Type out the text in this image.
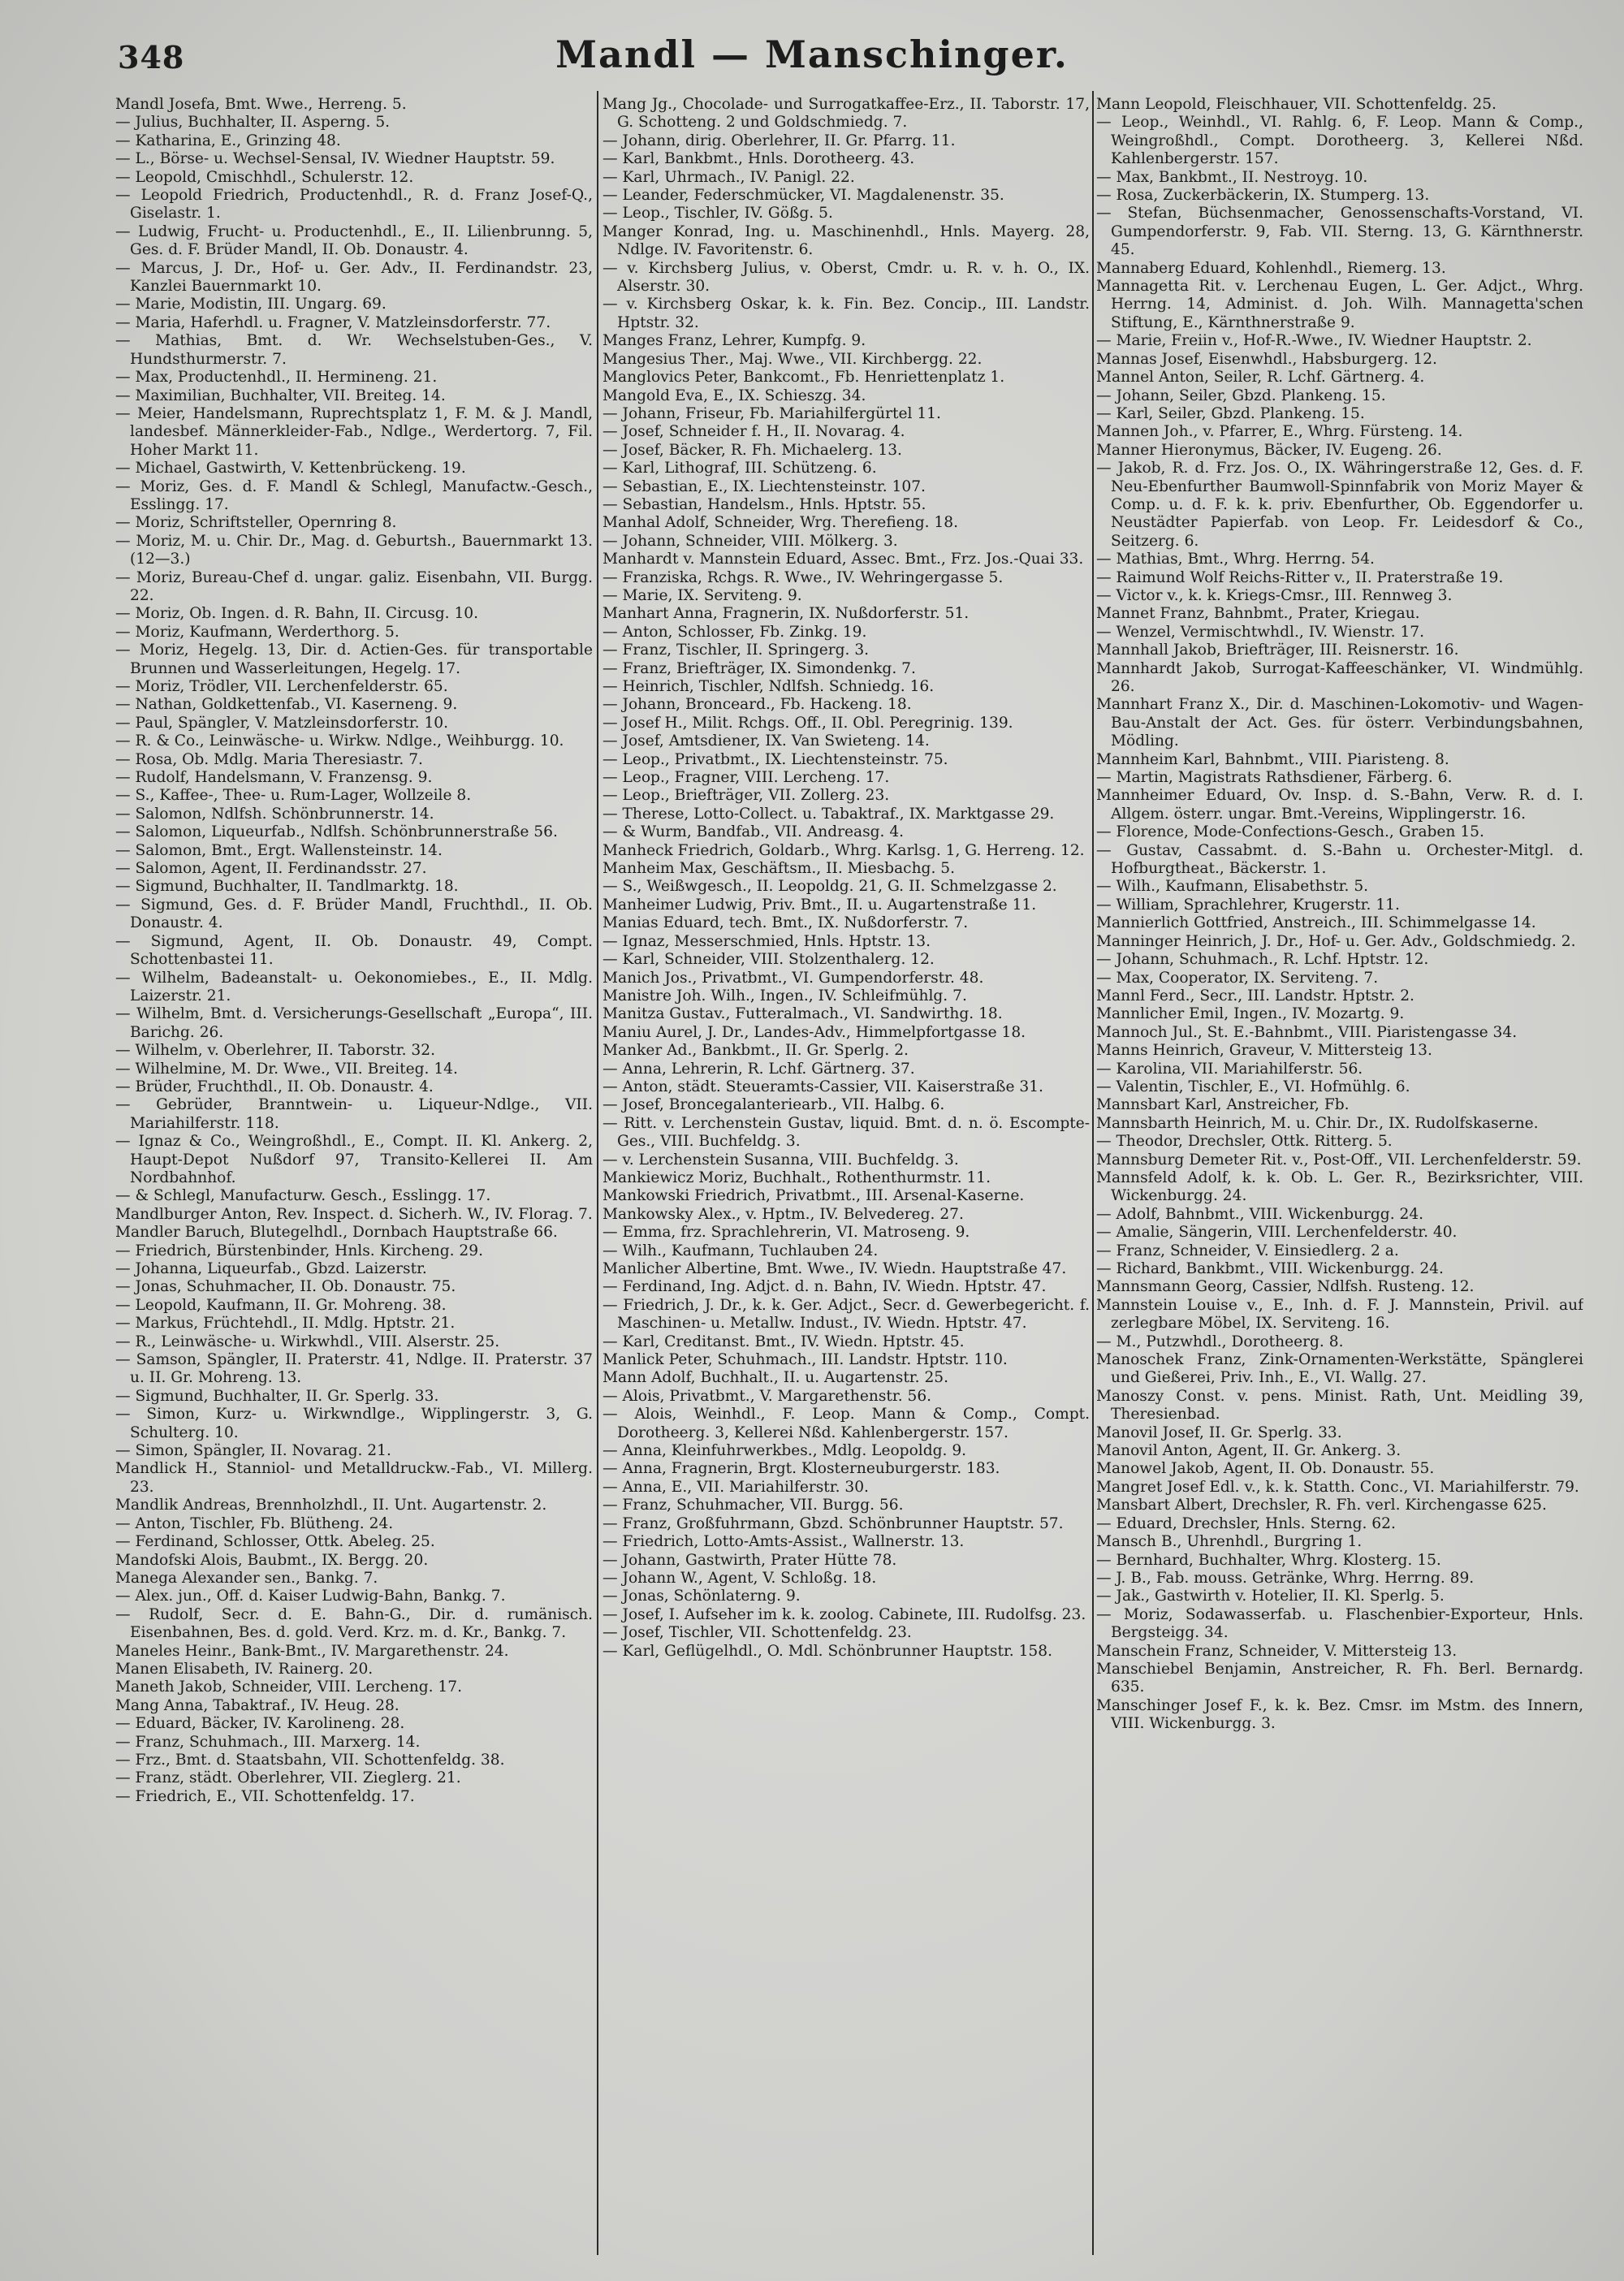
348	Mandl — Manschinger.
Mandl Josefa, Bmt. Wwe., Herreng. 5.
— Julius, Buchhalter, II. Asperng. 5.
— Katharina, E., Grinzing 48.
— L., Börse- u. Wechsel-Sensal, IV. Wiedner Hauptstr. 59.
— Leopold, Cmischhdl., Schulerstr. 12.
— Leopold Friedrich, Productenhdl., R. d. Franz Josef-Q., Giselastr. 1.
— Ludwig, Frucht- u. Productenhdl., E., II. Lilienbrunng. 5, Ges. d. F. Brüder Mandl, II. Ob. Donaustr. 4.
— Marcus, J. Dr., Hof- u. Ger. Adv., II. Ferdinandstr. 23, Kanzlei Bauernmarkt 10.
— Marie, Modistin, III. Ungarg. 69.
— Maria, Haferhdl. u. Fragner, V. Matzleinsdorferstr. 77.
— Mathias, Bmt. d. Wr. Wechselstuben-Ges., V. Hundsthurmerstr. 7.
— Max, Productenhdl., II. Hermineng. 21.
— Maximilian, Buchhalter, VII. Breiteg. 14.
— Meier, Handelsmann, Ruprechtsplatz 1, F. M. & J. Mandl, landesbef. Männerkleider-Fab., Ndlge., Werdertorg. 7, Fil. Hoher Markt 11.
— Michael, Gastwirth, V. Kettenbrückeng. 19.
— Moriz, Ges. d. F. Mandl & Schlegl, Manufactw.-Gesch., Esslingg. 17.
— Moriz, Schriftsteller, Opernring 8.
— Moriz, M. u. Chir. Dr., Mag. d. Geburtsh., Bauernmarkt 13. (12—3.)
— Moriz, Bureau-Chef d. ungar. galiz. Eisenbahn, VII. Burgg. 22.
— Moriz, Ob. Ingen. d. R. Bahn, II. Circusg. 10.
— Moriz, Kaufmann, Werderthorg. 5.
— Moriz, Hegelg. 13, Dir. d. Actien-Ges. für transportable Brunnen und Wasserleitungen, Hegelg. 17.
— Moriz, Trödler, VII. Lerchenfelderstr. 65.
— Nathan, Goldkettenfab., VI. Kaserneng. 9.
— Paul, Spängler, V. Matzleinsdorferstr. 10.
— R. & Co., Leinwäsche- u. Wirkw. Ndlge., Weihburgg. 10.
— Rosa, Ob. Mdlg. Maria Theresiastr. 7.
— Rudolf, Handelsmann, V. Franzensg. 9.
— S., Kaffee-, Thee- u. Rum-Lager, Wollzeile 8.
— Salomon, Ndlfsh. Schönbrunnerstr. 14.
— Salomon, Liqueurfab., Ndlfsh. Schönbrunnerstraße 56.
— Salomon, Bmt., Ergt. Wallensteinstr. 14.
— Salomon, Agent, II. Ferdinandsstr. 27.
— Sigmund, Buchhalter, II. Tandlmarktg. 18.
— Sigmund, Ges. d. F. Brüder Mandl, Fruchthdl., II. Ob. Donaustr. 4.
— Sigmund, Agent, II. Ob. Donaustr. 49, Compt. Schottenbastei 11.
— Wilhelm, Badeanstalt- u. Oekonomiebes., E., II. Mdlg. Laizerstr. 21.
— Wilhelm, Bmt. d. Versicherungs-Gesellschaft „Europa“, III. Barichg. 26.
— Wilhelm, v. Oberlehrer, II. Taborstr. 32.
— Wilhelmine, M. Dr. Wwe., VII. Breiteg. 14.
— Brüder, Fruchthdl., II. Ob. Donaustr. 4.
— Gebrüder, Branntwein- u. Liqueur-Ndlge., VII. Mariahilferstr. 118.
— Ignaz & Co., Weingroßhdl., E., Compt. II. Kl. Ankerg. 2, Haupt-Depot Nußdorf 97, Transito-Kellerei II. Am Nordbahnhof.
— & Schlegl, Manufacturw. Gesch., Esslingg. 17.
Mandlburger Anton, Rev. Inspect. d. Sicherh. W., IV. Florag. 7.
Mandler Baruch, Blutegelhdl., Dornbach Hauptstraße 66.
— Friedrich, Bürstenbinder, Hnls. Kircheng. 29.
— Johanna, Liqueurfab., Gbzd. Laizerstr.
— Jonas, Schuhmacher, II. Ob. Donaustr. 75.
— Leopold, Kaufmann, II. Gr. Mohreng. 38.
— Markus, Früchtehdl., II. Mdlg. Hptstr. 21.
— R., Leinwäsche- u. Wirkwhdl., VIII. Alserstr. 25.
— Samson, Spängler, II. Praterstr. 41, Ndlge. II. Praterstr. 37 u. II. Gr. Mohreng. 13.
— Sigmund, Buchhalter, II. Gr. Sperlg. 33.
— Simon, Kurz- u. Wirkwndlge., Wipplingerstr. 3, G. Schulterg. 10.
— Simon, Spängler, II. Novarag. 21.
Mandlick H., Stanniol- und Metalldruckw.-Fab., VI. Millerg. 23.
Mandlik Andreas, Brennholzhdl., II. Unt. Augartenstr. 2.
— Anton, Tischler, Fb. Blütheng. 24.
— Ferdinand, Schlosser, Ottk. Abeleg. 25.
Mandofski Alois, Baubmt., IX. Bergg. 20.
Manega Alexander sen., Bankg. 7.
— Alex. jun., Off. d. Kaiser Ludwig-Bahn, Bankg. 7.
— Rudolf, Secr. d. E. Bahn-G., Dir. d. rumänisch. Eisenbahnen, Bes. d. gold. Verd. Krz. m. d. Kr., Bankg. 7.
Maneles Heinr., Bank-Bmt., IV. Margarethenstr. 24.
Manen Elisabeth, IV. Rainerg. 20.
Maneth Jakob, Schneider, VIII. Lercheng. 17.
Mang Anna, Tabaktraf., IV. Heug. 28.
— Eduard, Bäcker, IV. Karolineng. 28.
— Franz, Schuhmach., III. Marxerg. 14.
— Frz., Bmt. d. Staatsbahn, VII. Schottenfeldg. 38.
— Franz, städt. Oberlehrer, VII. Zieglerg. 21.
— Friedrich, E., VII. Schottenfeldg. 17.
Mang Jg., Chocolade- und Surrogatkaffee-Erz., II. Taborstr. 17, G. Schotteng. 2 und Goldschmiedg. 7.
— Johann, dirig. Oberlehrer, II. Gr. Pfarrg. 11.
— Karl, Bankbmt., Hnls. Dorotheerg. 43.
— Karl, Uhrmach., IV. Panigl. 22.
— Leander, Federschmücker, VI. Magdalenenstr. 35.
— Leop., Tischler, IV. Gößg. 5.
Manger Konrad, Ing. u. Maschinenhdl., Hnls. Mayerg. 28, Ndlge. IV. Favoritenstr. 6.
— v. Kirchsberg Julius, v. Oberst, Cmdr. u. R. v. h. O., IX. Alserstr. 30.
— v. Kirchsberg Oskar, k. k. Fin. Bez. Concip., III. Landstr. Hptstr. 32.
Manges Franz, Lehrer, Kumpfg. 9.
Mangesius Ther., Maj. Wwe., VII. Kirchbergg. 22.
Manglovics Peter, Bankcomt., Fb. Henriettenplatz 1.
Mangold Eva, E., IX. Schieszg. 34.
— Johann, Friseur, Fb. Mariahilfergürtel 11.
— Josef, Schneider f. H., II. Novarag. 4.
— Josef, Bäcker, R. Fh. Michaelerg. 13.
— Karl, Lithograf, III. Schützeng. 6.
— Sebastian, E., IX. Liechtensteinstr. 107.
— Sebastian, Handelsm., Hnls. Hptstr. 55.
Manhal Adolf, Schneider, Wrg. Therefieng. 18.
— Johann, Schneider, VIII. Mölkerg. 3.
Manhardt v. Mannstein Eduard, Assec. Bmt., Frz. Jos.-Quai 33.
— Franziska, Rchgs. R. Wwe., IV. Wehringergasse 5.
— Marie, IX. Serviteng. 9.
Manhart Anna, Fragnerin, IX. Nußdorferstr. 51.
— Anton, Schlosser, Fb. Zinkg. 19.
— Franz, Tischler, II. Springerg. 3.
— Franz, Briefträger, IX. Simondenkg. 7.
— Heinrich, Tischler, Ndlfsh. Schniedg. 16.
— Johann, Bronceard., Fb. Hackeng. 18.
— Josef H., Milit. Rchgs. Off., II. Obl. Peregrinig. 139.
— Josef, Amtsdiener, IX. Van Swieteng. 14.
— Leop., Privatbmt., IX. Liechtensteinstr. 75.
— Leop., Fragner, VIII. Lercheng. 17.
— Leop., Briefträger, VII. Zollerg. 23.
— Therese, Lotto-Collect. u. Tabaktraf., IX. Marktgasse 29.
— & Wurm, Bandfab., VII. Andreasg. 4.
Manheck Friedrich, Goldarb., Whrg. Karlsg. 1, G. Herreng. 12.
Manheim Max, Geschäftsm., II. Miesbachg. 5.
— S., Weißwgesch., II. Leopoldg. 21, G. II. Schmelzgasse 2.
Manheimer Ludwig, Priv. Bmt., II. u. Augartenstraße 11.
Manias Eduard, tech. Bmt., IX. Nußdorferstr. 7.
— Ignaz, Messerschmied, Hnls. Hptstr. 13.
— Karl, Schneider, VIII. Stolzenthalerg. 12.
Manich Jos., Privatbmt., VI. Gumpendorferstr. 48.
Manistre Joh. Wilh., Ingen., IV. Schleifmühlg. 7.
Manitza Gustav., Futteralmach., VI. Sandwirthg. 18.
Maniu Aurel, J. Dr., Landes-Adv., Himmelpfortgasse 18.
Manker Ad., Bankbmt., II. Gr. Sperlg. 2.
— Anna, Lehrerin, R. Lchf. Gärtnerg. 37.
— Anton, städt. Steueramts-Cassier, VII. Kaiserstraße 31.
— Josef, Broncegalanteriearb., VII. Halbg. 6.
— Ritt. v. Lerchenstein Gustav, liquid. Bmt. d. n. ö. Escompte-Ges., VIII. Buchfeldg. 3.
— v. Lerchenstein Susanna, VIII. Buchfeldg. 3.
Mankiewicz Moriz, Buchhalt., Rothenthurmstr. 11.
Mankowski Friedrich, Privatbmt., III. Arsenal-Kaserne.
Mankowsky Alex., v. Hptm., IV. Belvedereg. 27.
— Emma, frz. Sprachlehrerin, VI. Matroseng. 9.
— Wilh., Kaufmann, Tuchlauben 24.
Manlicher Albertine, Bmt. Wwe., IV. Wiedn. Hauptstraße 47.
— Ferdinand, Ing. Adjct. d. n. Bahn, IV. Wiedn. Hptstr. 47.
— Friedrich, J. Dr., k. k. Ger. Adjct., Secr. d. Gewerbegericht. f. Maschinen- u. Metallw. Indust., IV. Wiedn. Hptstr. 47.
— Karl, Creditanst. Bmt., IV. Wiedn. Hptstr. 45.
Manlick Peter, Schuhmach., III. Landstr. Hptstr. 110.
Mann Adolf, Buchhalt., II. u. Augartenstr. 25.
— Alois, Privatbmt., V. Margarethenstr. 56.
— Alois, Weinhdl., F. Leop. Mann & Comp., Compt. Dorotheerg. 3, Kellerei Nßd. Kahlenbergerstr. 157.
— Anna, Kleinfuhrwerkbes., Mdlg. Leopoldg. 9.
— Anna, Fragnerin, Brgt. Klosterneuburgerstr. 183.
— Anna, E., VII. Mariahilferstr. 30.
— Franz, Schuhmacher, VII. Burgg. 56.
— Franz, Großfuhrmann, Gbzd. Schönbrunner Hauptstr. 57.
— Friedrich, Lotto-Amts-Assist., Wallnerstr. 13.
— Johann, Gastwirth, Prater Hütte 78.
— Johann W., Agent, V. Schloßg. 18.
— Jonas, Schönlaterng. 9.
— Josef, I. Aufseher im k. k. zoolog. Cabinete, III. Rudolfsg. 23.
— Josef, Tischler, VII. Schottenfeldg. 23.
— Karl, Geflügelhdl., O. Mdl. Schönbrunner Hauptstr. 158.
Mann Leopold, Fleischhauer, VII. Schottenfeldg. 25.
— Leop., Weinhdl., VI. Rahlg. 6, F. Leop. Mann & Comp., Weingroßhdl., Compt. Dorotheerg. 3, Kellerei Nßd. Kahlenbergerstr. 157.
— Max, Bankbmt., II. Nestroyg. 10.
— Rosa, Zuckerbäckerin, IX. Stumperg. 13.
— Stefan, Büchsenmacher, Genossenschafts-Vorstand, VI. Gumpendorferstr. 9, Fab. VII. Sterng. 13, G. Kärnthnerstr. 45.
Mannaberg Eduard, Kohlenhdl., Riemerg. 13.
Mannagetta Rit. v. Lerchenau Eugen, L. Ger. Adjct., Whrg. Herrng. 14, Administ. d. Joh. Wilh. Mannagetta'schen Stiftung, E., Kärnthnerstraße 9.
— Marie, Freiin v., Hof-R.-Wwe., IV. Wiedner Hauptstr. 2.
Mannas Josef, Eisenwhdl., Habsburgerg. 12.
Mannel Anton, Seiler, R. Lchf. Gärtnerg. 4.
— Johann, Seiler, Gbzd. Plankeng. 15.
— Karl, Seiler, Gbzd. Plankeng. 15.
Mannen Joh., v. Pfarrer, E., Whrg. Fürsteng. 14.
Manner Hieronymus, Bäcker, IV. Eugeng. 26.
— Jakob, R. d. Frz. Jos. O., IX. Währingerstraße 12, Ges. d. F. Neu-Ebenfurther Baumwoll-Spinnfabrik von Moriz Mayer & Comp. u. d. F. k. k. priv. Ebenfurther, Ob. Eggendorfer u. Neustädter Papierfab. von Leop. Fr. Leidesdorf & Co., Seitzerg. 6.
— Mathias, Bmt., Whrg. Herrng. 54.
— Raimund Wolf Reichs-Ritter v., II. Praterstraße 19.
— Victor v., k. k. Kriegs-Cmsr., III. Rennweg 3.
Mannet Franz, Bahnbmt., Prater, Kriegau.
— Wenzel, Vermischtwhdl., IV. Wienstr. 17.
Mannhall Jakob, Briefträger, III. Reisnerstr. 16.
Mannhardt Jakob, Surrogat-Kaffeeschänker, VI. Windmühlg. 26.
Mannhart Franz X., Dir. d. Maschinen-Lokomotiv- und Wagen-Bau-Anstalt der Act. Ges. für österr. Verbindungsbahnen, Mödling.
Mannheim Karl, Bahnbmt., VIII. Piaristeng. 8.
— Martin, Magistrats Rathsdiener, Färberg. 6.
Mannheimer Eduard, Ov. Insp. d. S.-Bahn, Verw. R. d. I. Allgem. österr. ungar. Bmt.-Vereins, Wipplingerstr. 16.
— Florence, Mode-Confections-Gesch., Graben 15.
— Gustav, Cassabmt. d. S.-Bahn u. Orchester-Mitgl. d. Hofburgtheat., Bäckerstr. 1.
— Wilh., Kaufmann, Elisabethstr. 5.
— William, Sprachlehrer, Krugerstr. 11.
Mannierlich Gottfried, Anstreich., III. Schimmelgasse 14.
Manninger Heinrich, J. Dr., Hof- u. Ger. Adv., Goldschmiedg. 2.
— Johann, Schuhmach., R. Lchf. Hptstr. 12.
— Max, Cooperator, IX. Serviteng. 7.
Mannl Ferd., Secr., III. Landstr. Hptstr. 2.
Mannlicher Emil, Ingen., IV. Mozartg. 9.
Mannoch Jul., St. E.-Bahnbmt., VIII. Piaristengasse 34.
Manns Heinrich, Graveur, V. Mittersteig 13.
— Karolina, VII. Mariahilferstr. 56.
— Valentin, Tischler, E., VI. Hofmühlg. 6.
Mannsbart Karl, Anstreicher, Fb.
Mannsbarth Heinrich, M. u. Chir. Dr., IX. Rudolfskaserne.
— Theodor, Drechsler, Ottk. Ritterg. 5.
Mannsburg Demeter Rit. v., Post-Off., VII. Lerchenfelderstr. 59.
Mannsfeld Adolf, k. k. Ob. L. Ger. R., Bezirksrichter, VIII. Wickenburgg. 24.
— Adolf, Bahnbmt., VIII. Wickenburgg. 24.
— Amalie, Sängerin, VIII. Lerchenfelderstr. 40.
— Franz, Schneider, V. Einsiedlerg. 2 a.
— Richard, Bankbmt., VIII. Wickenburgg. 24.
Mannsmann Georg, Cassier, Ndlfsh. Rusteng. 12.
Mannstein Louise v., E., Inh. d. F. J. Mannstein, Privil. auf zerlegbare Möbel, IX. Serviteng. 16.
— M., Putzwhdl., Dorotheerg. 8.
Manoschek Franz, Zink-Ornamenten-Werkstätte, Spänglerei und Gießerei, Priv. Inh., E., VI. Wallg. 27.
Manoszy Const. v. pens. Minist. Rath, Unt. Meidling 39, Theresienbad.
Manovil Josef, II. Gr. Sperlg. 33.
Manovil Anton, Agent, II. Gr. Ankerg. 3.
Manowel Jakob, Agent, II. Ob. Donaustr. 55.
Mangret Josef Edl. v., k. k. Statth. Conc., VI. Mariahilferstr. 79.
Mansbart Albert, Drechsler, R. Fh. verl. Kirchengasse 625.
— Eduard, Drechsler, Hnls. Sterng. 62.
Mansch B., Uhrenhdl., Burgring 1.
— Bernhard, Buchhalter, Whrg. Klosterg. 15.
— J. B., Fab. mouss. Getränke, Whrg. Herrng. 89.
— Jak., Gastwirth v. Hotelier, II. Kl. Sperlg. 5.
— Moriz, Sodawasserfab. u. Flaschenbier-Exporteur, Hnls. Bergsteigg. 34.
Manschein Franz, Schneider, V. Mittersteig 13.
Manschiebel Benjamin, Anstreicher, R. Fh. Berl. Bernardg. 635.
Manschinger Josef F., k. k. Bez. Cmsr. im Mstm. des Innern, VIII. Wickenburgg. 3.
